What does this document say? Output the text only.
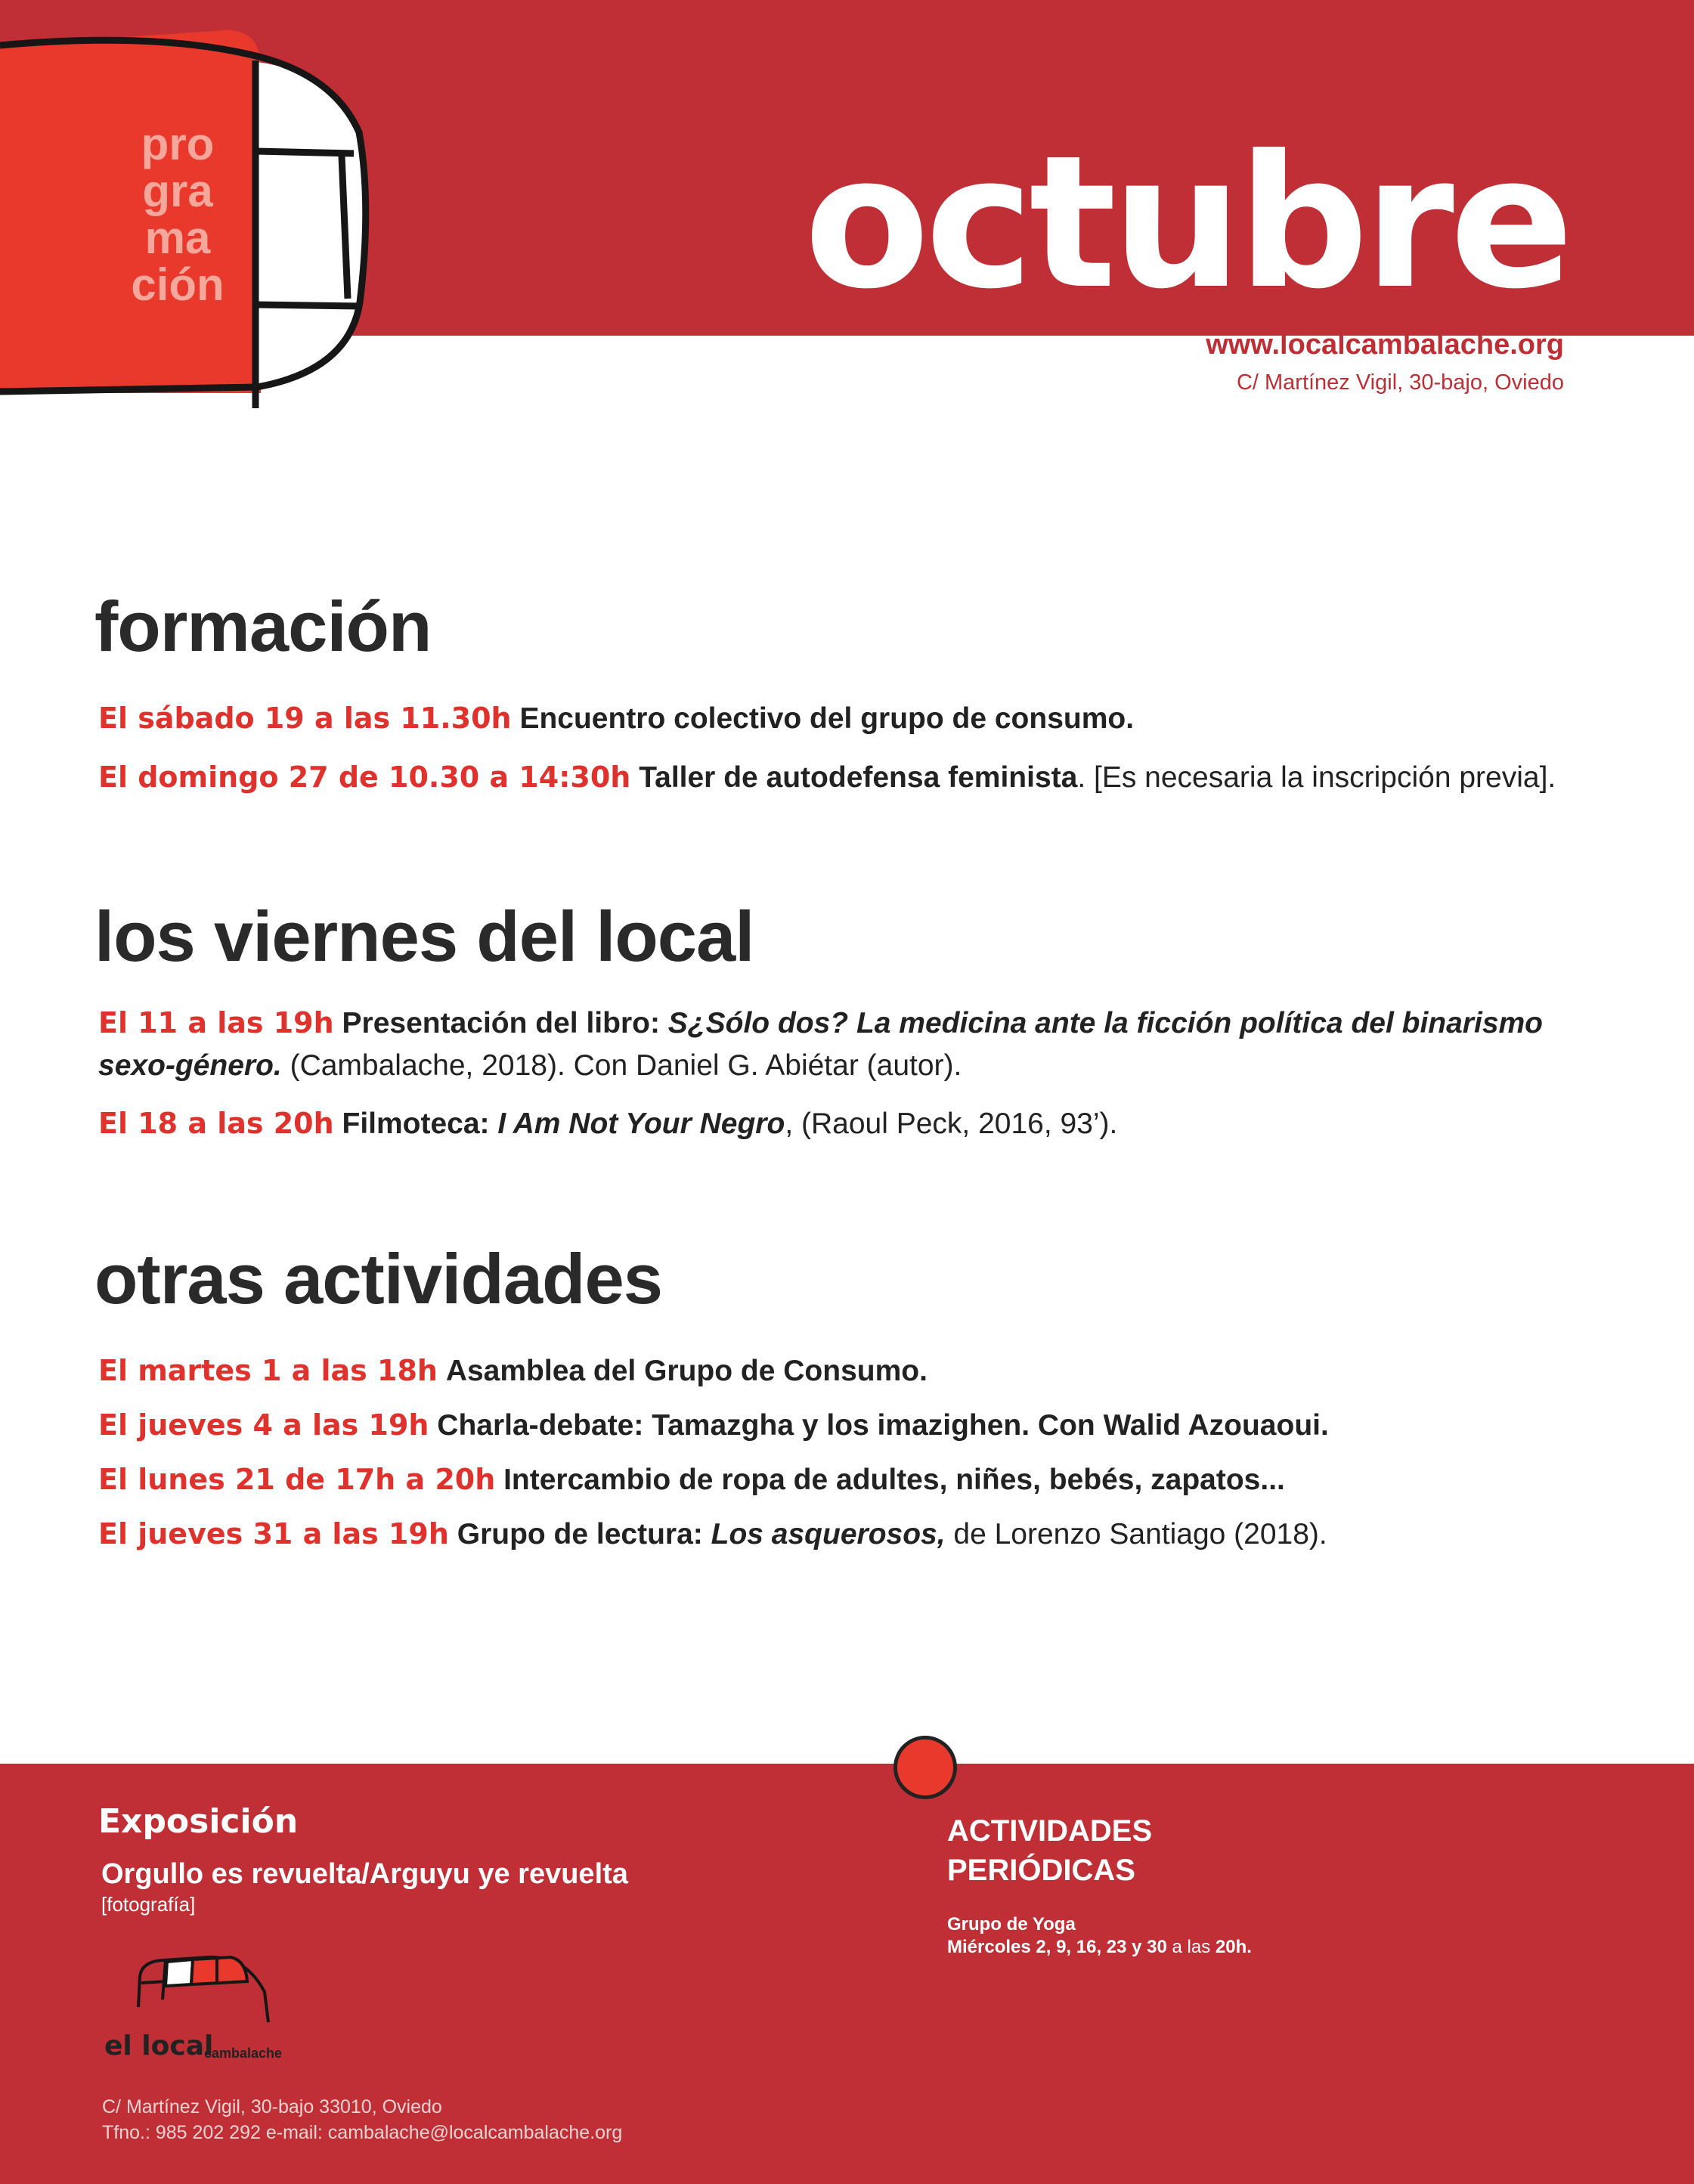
pro
gra
ma
ción	octubre
www.localcambalache.org
C/ Martínez Vigil, 30-bajo, Oviedo
formación
El sábado 19 a las 11.30h Encuentro colectivo del grupo de consumo.
El domingo 27 de 10.30 a 14:30h Taller de autodefensa feminista. [Es necesaria la inscripción previa].
los viernes del local
El 11 a las 19h Presentación del libro: S¿Sólo dos? La medicina ante la ficción política del binarismo sexo-género. (Cambalache, 2018). Con Daniel G. Abiétar (autor).
El 18 a las 20h Filmoteca: I Am Not Your Negro, (Raoul Peck, 2016, 93’).
otras actividades
El martes 1 a las 18h Asamblea del Grupo de Consumo.
El jueves 4 a las 19h Charla-debate: Tamazgha y los imazighen. Con Walid Azouaoui.
El lunes 21 de 17h a 20h Intercambio de ropa de adultes, niñes, bebés, zapatos...
El jueves 31 a las 19h Grupo de lectura: Los asquerosos, de Lorenzo Santiago (2018).
Exposición
Orgullo es revuelta/Arguyu ye revuelta
[fotografía]
el local
cambalache
C/ Martínez Vigil, 30-bajo 33010, Oviedo
Tfno.: 985 202 292 e-mail: cambalache@localcambalache.org
ACTIVIDADES
PERIÓDICAS
Grupo de Yoga
Miércoles 2, 9, 16, 23 y 30 a las 20h.
